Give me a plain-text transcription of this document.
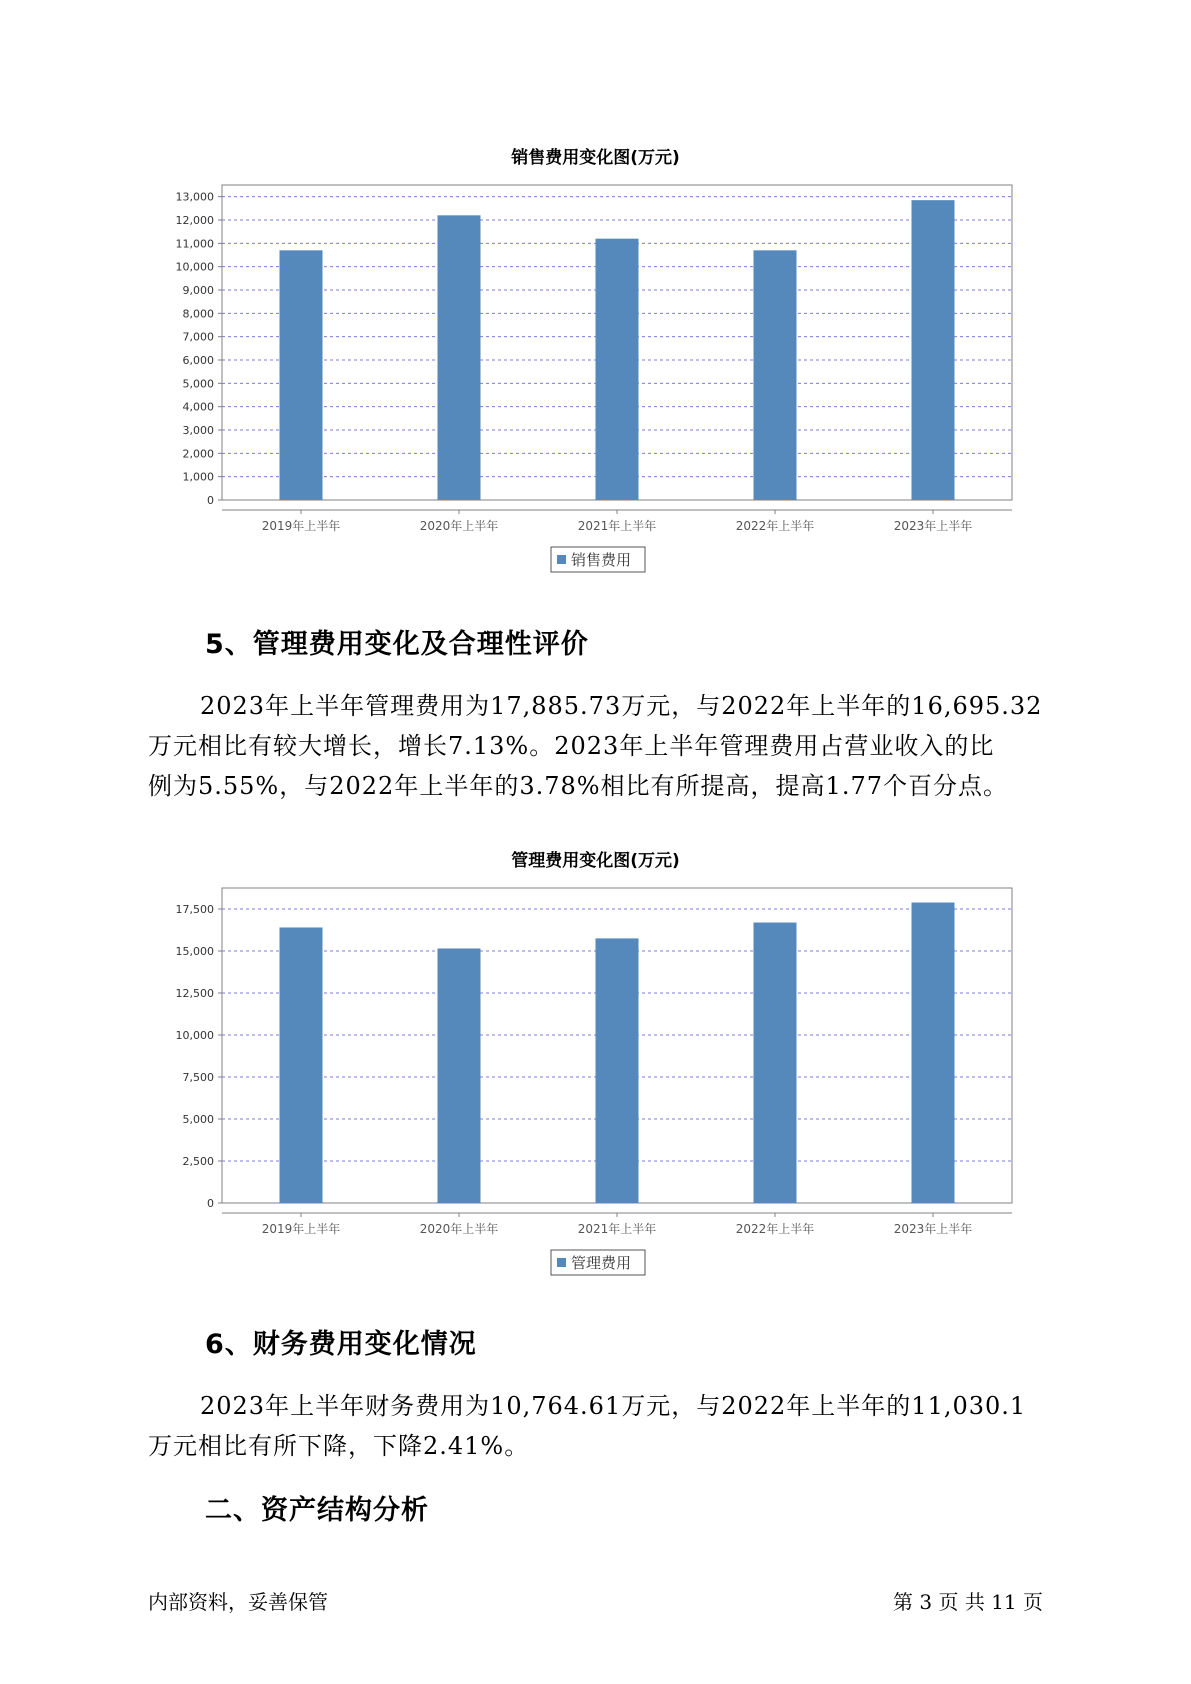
销售费用变化图(万元)
0
1,000
2,000
3,000
4,000
5,000
6,000
7,000
8,000
9,000
10,000
11,000
12,000
13,000
2019年上半年	2020年上半年	2021年上半年	2022年上半年	2023年上半年
销售费用
5、管理费用变化及合理性评价

2023年上半年管理费用为17,885.73万元，与2022年上半年的16,695.32

万元相比有较大增长，增长7.13%。2023年上半年管理费用占营业收入的比

例为5.55%，与2022年上半年的3.78%相比有所提高，提高1.77个百分点。

管理费用变化图(万元)
0
2,500
5,000
7,500
10,000
12,500
15,000
17,500
2019年上半年	2020年上半年	2021年上半年	2022年上半年	2023年上半年
管理费用
6、财务费用变化情况

2023年上半年财务费用为10,764.61万元，与2022年上半年的11,030.1

万元相比有所下降，下降2.41%。

二、资产结构分析
内部资料，妥善保管	第 3 页 共 11 页
